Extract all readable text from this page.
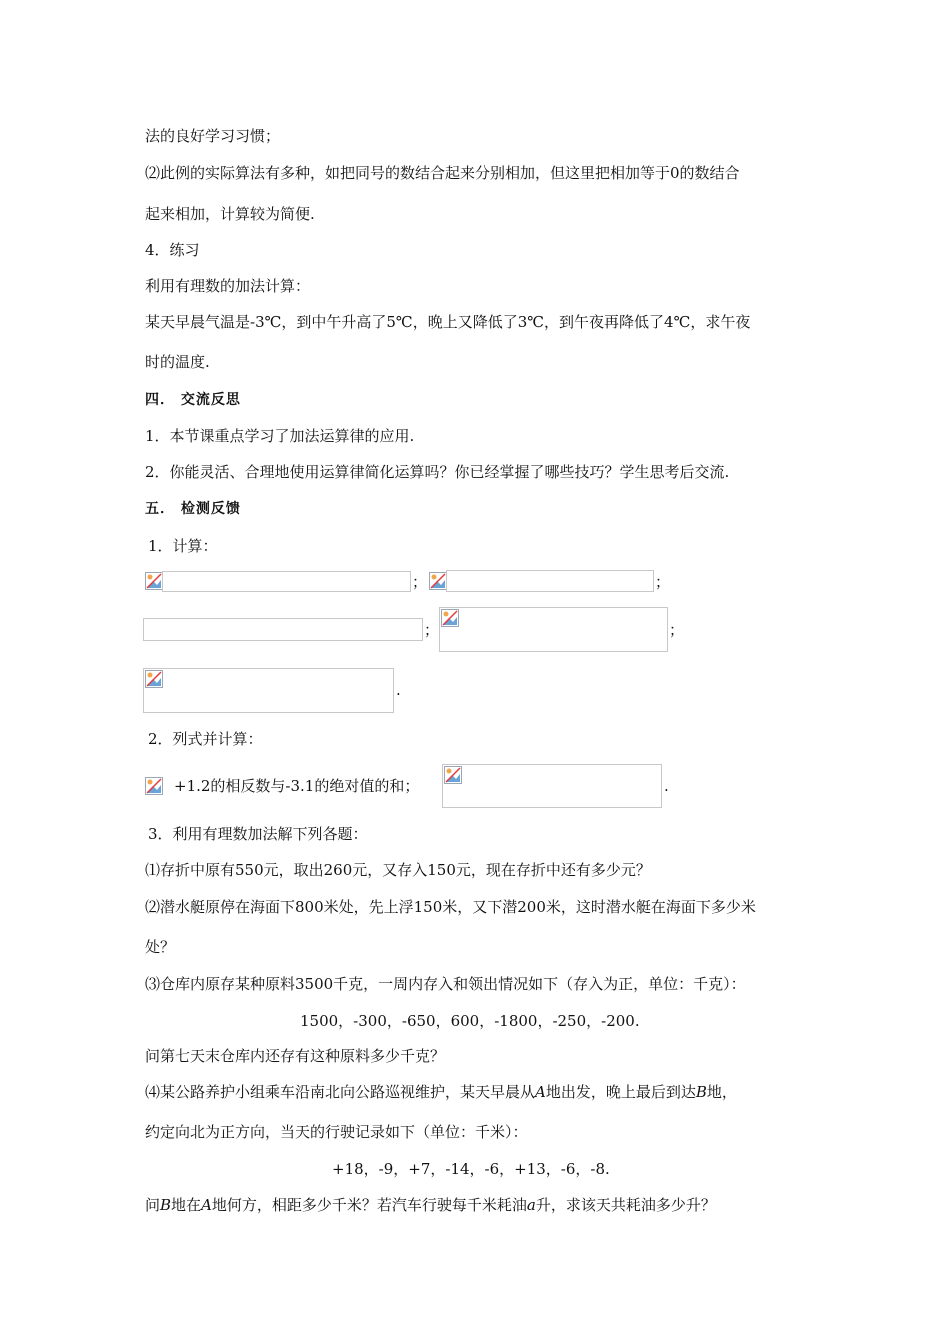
法的良好学习习惯；
⑵此例的实际算法有多种，如把同号的数结合起来分别相加，但这里把相加等于0的数结合
起来相加，计算较为简便.
4．练习
利用有理数的加法计算：
某天早晨气温是-3℃，到中午升高了5℃，晚上又降低了3℃，到午夜再降低了4℃，求午夜
时的温度.
四． 交流反思
1．本节课重点学习了加法运算律的应用.
2．你能灵活、合理地使用运算律简化运算吗？你已经掌握了哪些技巧？学生思考后交流.
五． 检测反馈
1．计算：
；	；
；	；
.
2．列式并计算：
+1.2的相反数与-3.1的绝对值的和；	.
3．利用有理数加法解下列各题：
⑴存折中原有550元，取出260元，又存入150元，现在存折中还有多少元？
⑵潜水艇原停在海面下800米处，先上浮150米，又下潜200米，这时潜水艇在海面下多少米
处？
⑶仓库内原存某种原料3500千克，一周内存入和领出情况如下（存入为正，单位：千克）：
1500，-300，-650，600，-1800，-250，-200.
问第七天末仓库内还存有这种原料多少千克？
⑷某公路养护小组乘车沿南北向公路巡视维护，某天早晨从A地出发，晚上最后到达B地，
约定向北为正方向，当天的行驶记录如下（单位：千米）：
+18，-9，+7，-14，-6，+13，-6，-8.
问B地在A地何方，相距多少千米？若汽车行驶每千米耗油a升，求该天共耗油多少升？
